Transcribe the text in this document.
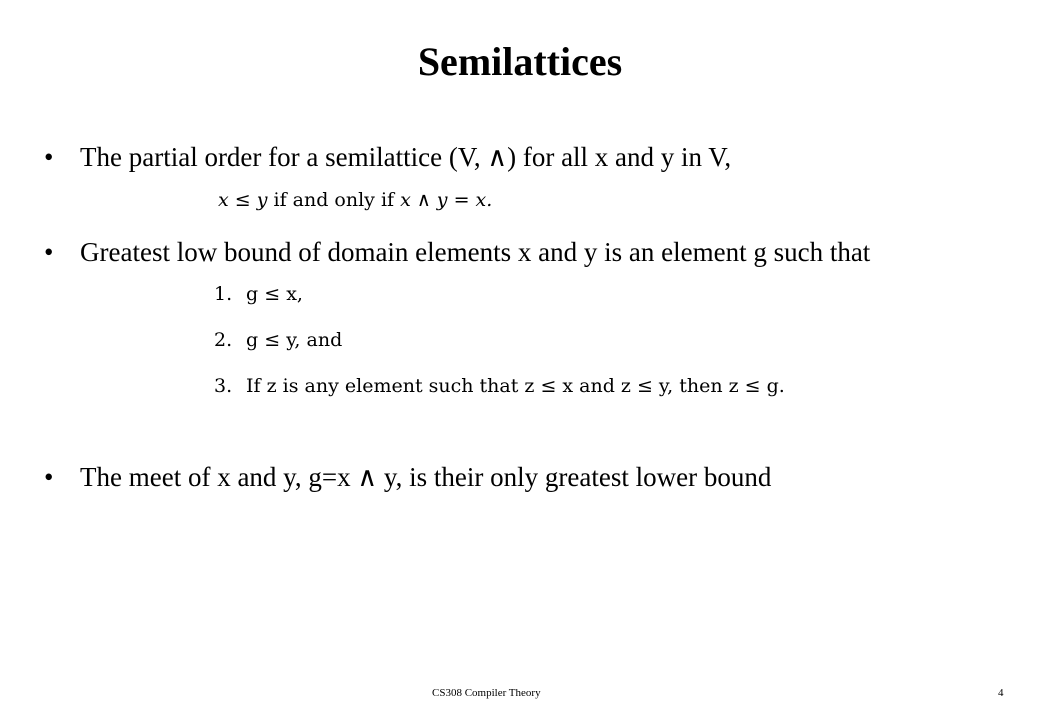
Semilattices
• The partial order for a semilattice (V, ∧) for all x and y in V,
x ≤ y if and only if x ∧ y = x.
• Greatest low bound of domain elements x and y is an element g such that
1. g ≤ x,
2. g ≤ y, and
3. If z is any element such that z ≤ x and z ≤ y, then z ≤ g.
• The meet of x and y, g=x ∧ y, is their only greatest lower bound
CS308 Compiler Theory	4
